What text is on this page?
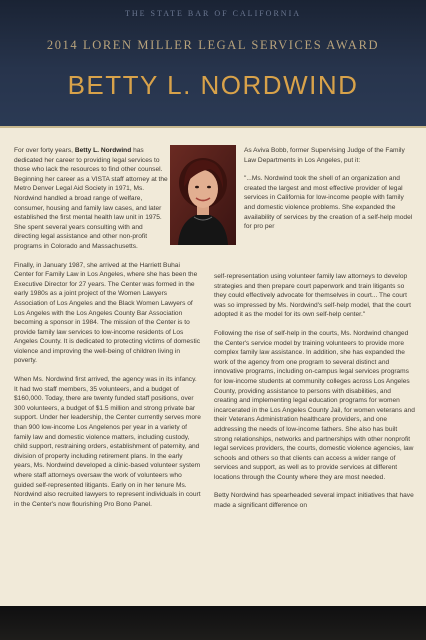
THE STATE BAR OF CALIFORNIA
2014 LOREN MILLER LEGAL SERVICES AWARD
BETTY L. NORDWIND

For over forty years, Betty L. Nordwind has dedicated her career to providing legal services to those who lack the resources to find other counsel. Beginning her career as a VISTA staff attorney at the Metro Denver Legal Aid Society in 1971, Ms. Nordwind handled a broad range of welfare, consumer, housing and family law cases, and later established the first mental health law unit in 1975. She spent several years consulting with and directing legal assistance and other non-profit programs in Colorado and Massachusetts.

Finally, in January 1987, she arrived at the Harriett Buhai Center for Family Law in Los Angeles, where she has been the Executive Director for 27 years. The Center was formed in the early 1980s as a joint project of the Women Lawyers Association of Los Angeles and the Black Women Lawyers of Los Angeles with the Los Angeles County Bar Association becoming a sponsor in 1984. The mission of the Center is to provide family law services to low-income residents of Los Angeles County. It is dedicated to protecting victims of domestic violence and improving the well-being of children living in poverty.

When Ms. Nordwind first arrived, the agency was in its infancy. It had two staff members, 35 volunteers, and a budget of $160,000. Today, there are twenty funded staff positions, over 300 volunteers, a budget of $1.5 million and strong private bar support. Under her leadership, the Center currently serves more than 900 low-income Los Angelenos per year in a variety of family law and domestic violence matters, including custody, child support, restraining orders, establishment of paternity, and division of property including retirement plans. In the early years, Ms. Nordwind developed a clinic-based volunteer system where staff attorneys oversaw the work of volunteers who guided self-represented litigants. Early on in her tenure Ms. Nordwind also recruited lawyers to represent individuals in court in the Center's now flourishing Pro Bono Panel.

As Aviva Bobb, former Supervising Judge of the Family Law Departments in Los Angeles, put it:

"...Ms. Nordwind took the shell of an organization and created the largest and most effective provider of legal services in California for low-income people with family and domestic violence problems. She expanded the availability of services by the creation of a self-help model for pro per

self-representation using volunteer family law attorneys to develop strategies and then prepare court paperwork and train litigants so they could effectively advocate for themselves in court... The court was so impressed by Ms. Nordwind's self-help model, that the court adopted it as the model for its own self-help center."

Following the rise of self-help in the courts, Ms. Nordwind changed the Center's service model by training volunteers to provide more complex family law assistance. In addition, she has expanded the work of the agency from one program to several distinct and innovative programs, including on-campus legal services programs for low-income students at community colleges across Los Angeles County, providing assistance to persons with disabilities, and creating and implementing legal education programs for women incarcerated in the Los Angeles County Jail, for women veterans and their Veterans Administration healthcare providers, and one addressing the needs of low-income fathers. She also has built strong relationships, networks and partnerships with other nonprofit legal services providers, the courts, domestic violence agencies, law schools and others so that clients can access a wider range of services and support, as well as to provide services at different locations through the County where they are most needed.

Betty Nordwind has spearheaded several impact initiatives that have made a significant difference on
